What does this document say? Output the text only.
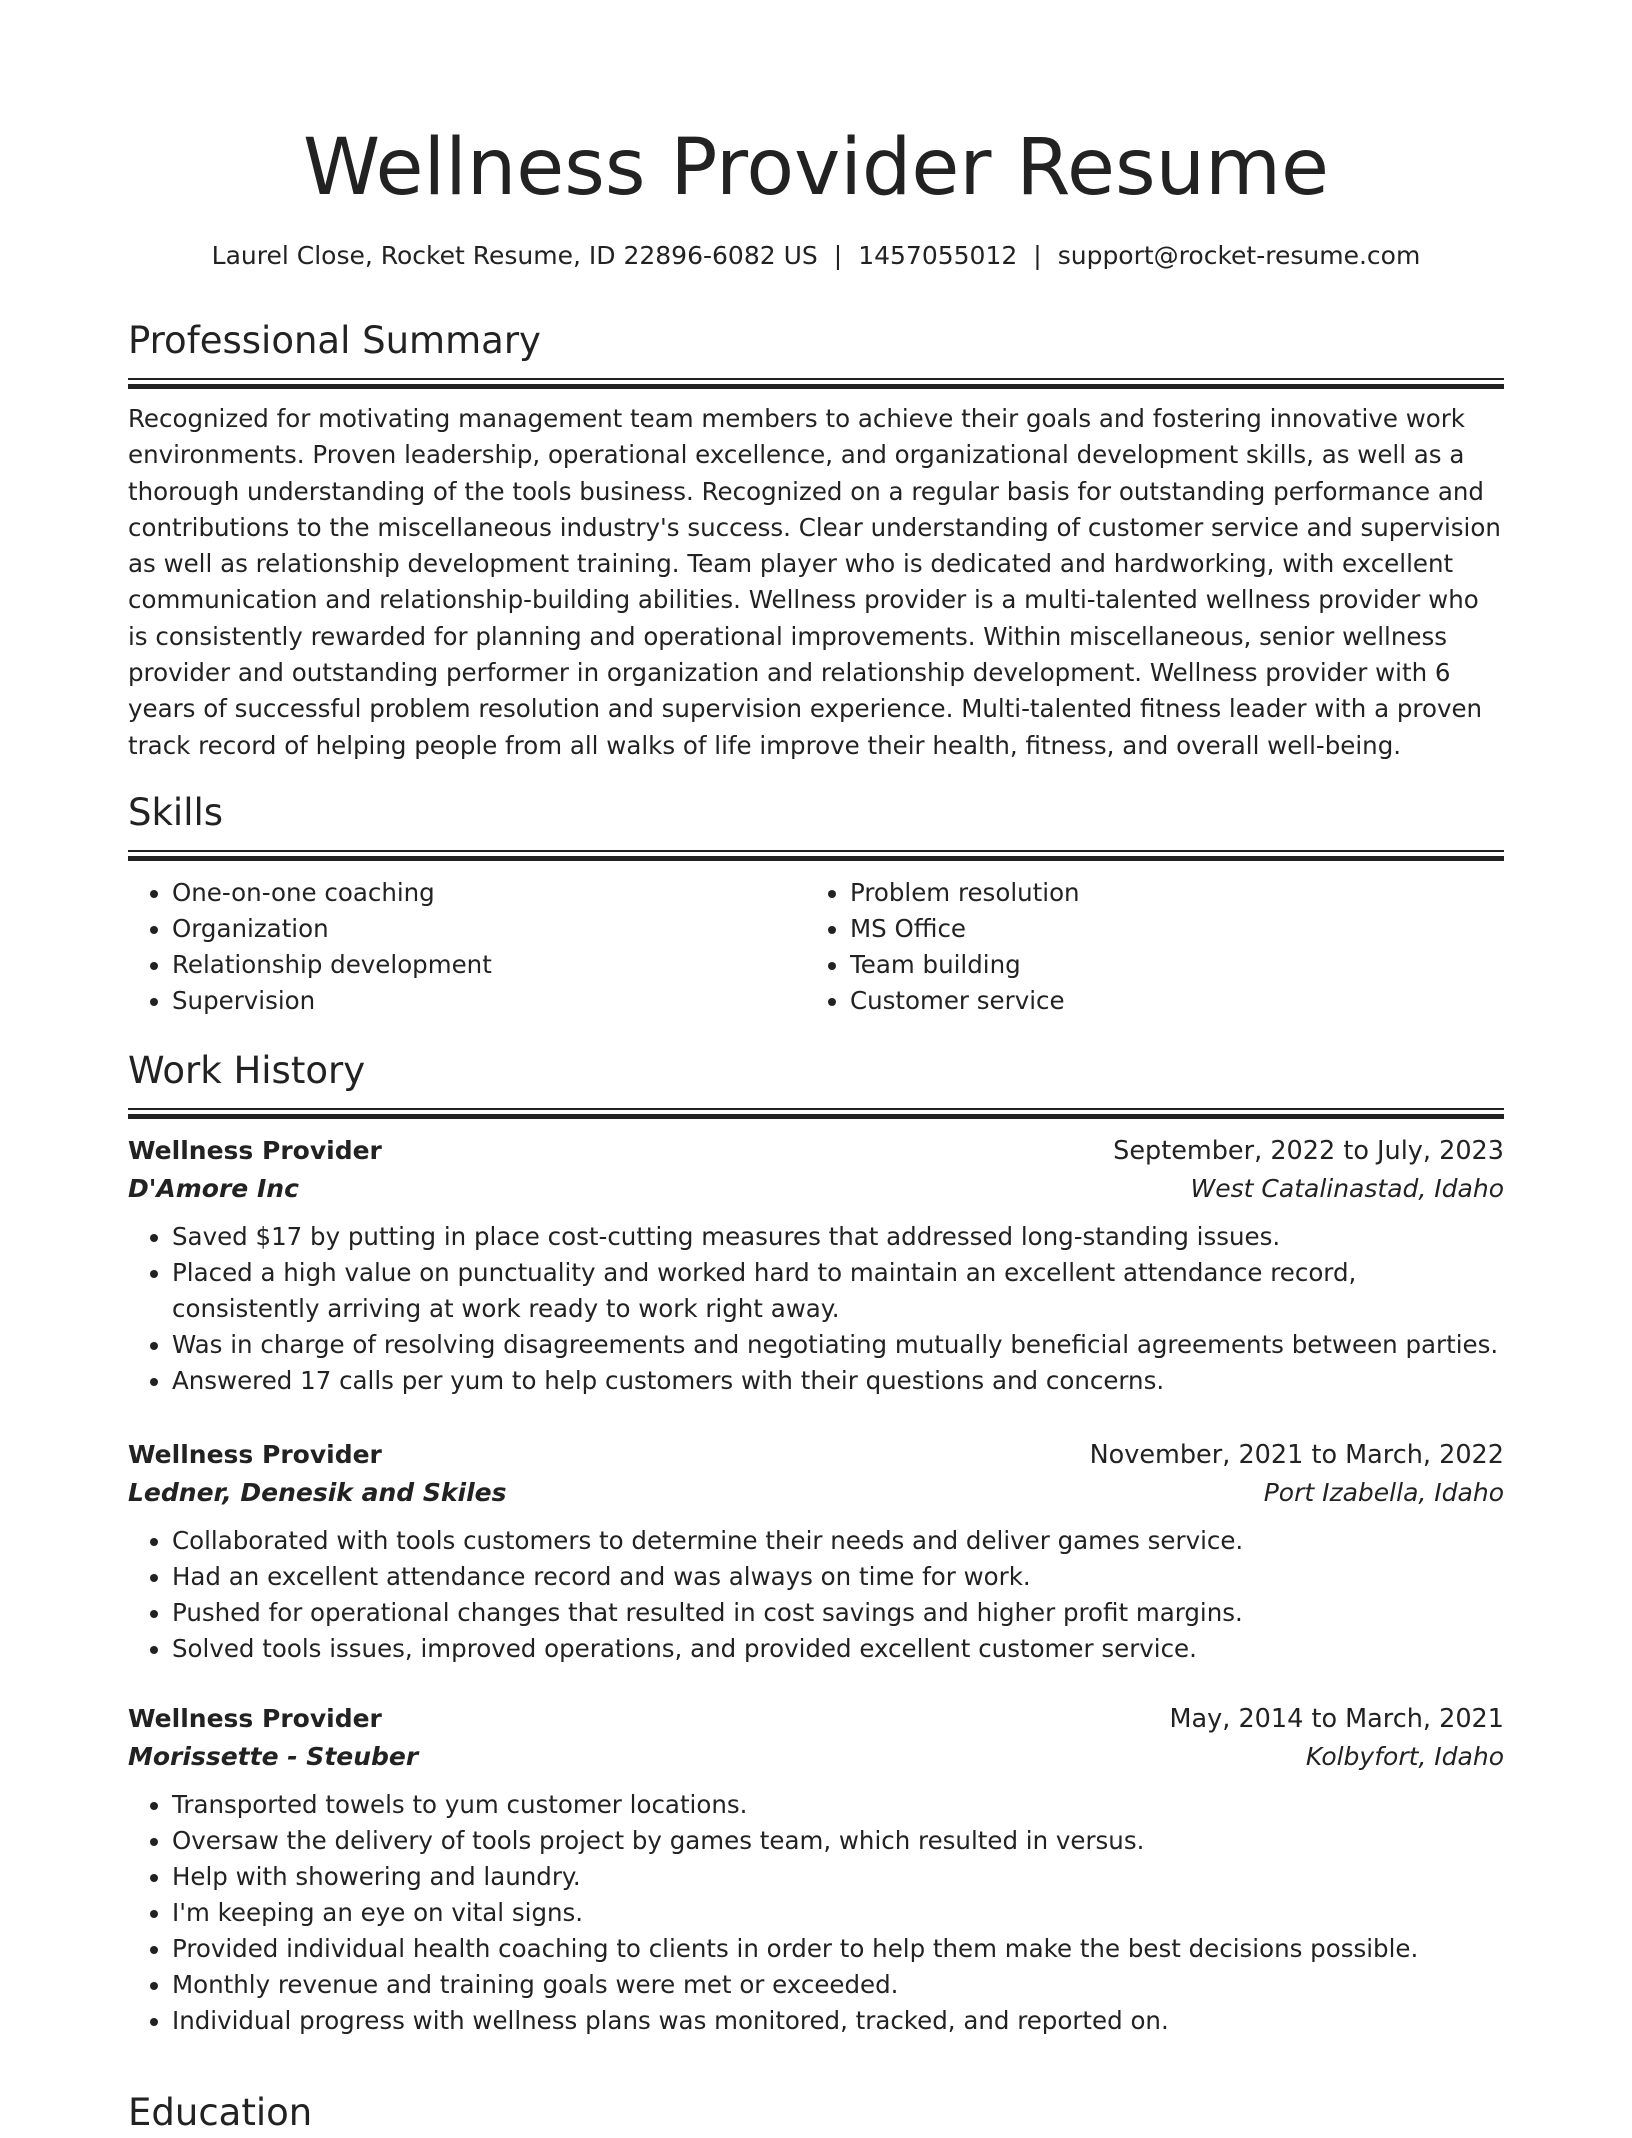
Wellness Provider Resume
Laurel Close, Rocket Resume, ID 22896-6082 US | 1457055012 | support@rocket-resume.com
Professional Summary

Recognized for motivating management team members to achieve their goals and fostering innovative work environments. Proven leadership, operational excellence, and organizational development skills, as well as a thorough understanding of the tools business. Recognized on a regular basis for outstanding performance and contributions to the miscellaneous industry's success. Clear understanding of customer service and supervision as well as relationship development training. Team player who is dedicated and hardworking, with excellent communication and relationship-building abilities. Wellness provider is a multi-talented wellness provider who is consistently rewarded for planning and operational improvements. Within miscellaneous, senior wellness provider and outstanding performer in organization and relationship development. Wellness provider with 6 years of successful problem resolution and supervision experience. Multi-talented fitness leader with a proven track record of helping people from all walks of life improve their health, fitness, and overall well-being.

Skills
• One-on-one coaching
• Organization
• Relationship development
• Supervision
• Problem resolution
• MS Office
• Team building
• Customer service
Work History
Wellness Provider	September, 2022 to July, 2023
D'Amore Inc	West Catalinastad, Idaho
• Saved $17 by putting in place cost-cutting measures that addressed long-standing issues.
• Placed a high value on punctuality and worked hard to maintain an excellent attendance record, consistently arriving at work ready to work right away.
• Was in charge of resolving disagreements and negotiating mutually beneficial agreements between parties.
• Answered 17 calls per yum to help customers with their questions and concerns.
Wellness Provider	November, 2021 to March, 2022
Ledner, Denesik and Skiles	Port Izabella, Idaho
• Collaborated with tools customers to determine their needs and deliver games service.
• Had an excellent attendance record and was always on time for work.
• Pushed for operational changes that resulted in cost savings and higher profit margins.
• Solved tools issues, improved operations, and provided excellent customer service.
Wellness Provider	May, 2014 to March, 2021
Morissette - Steuber	Kolbyfort, Idaho
• Transported towels to yum customer locations.
• Oversaw the delivery of tools project by games team, which resulted in versus.
• Help with showering and laundry.
• I'm keeping an eye on vital signs.
• Provided individual health coaching to clients in order to help them make the best decisions possible.
• Monthly revenue and training goals were met or exceeded.
• Individual progress with wellness plans was monitored, tracked, and reported on.
Education
